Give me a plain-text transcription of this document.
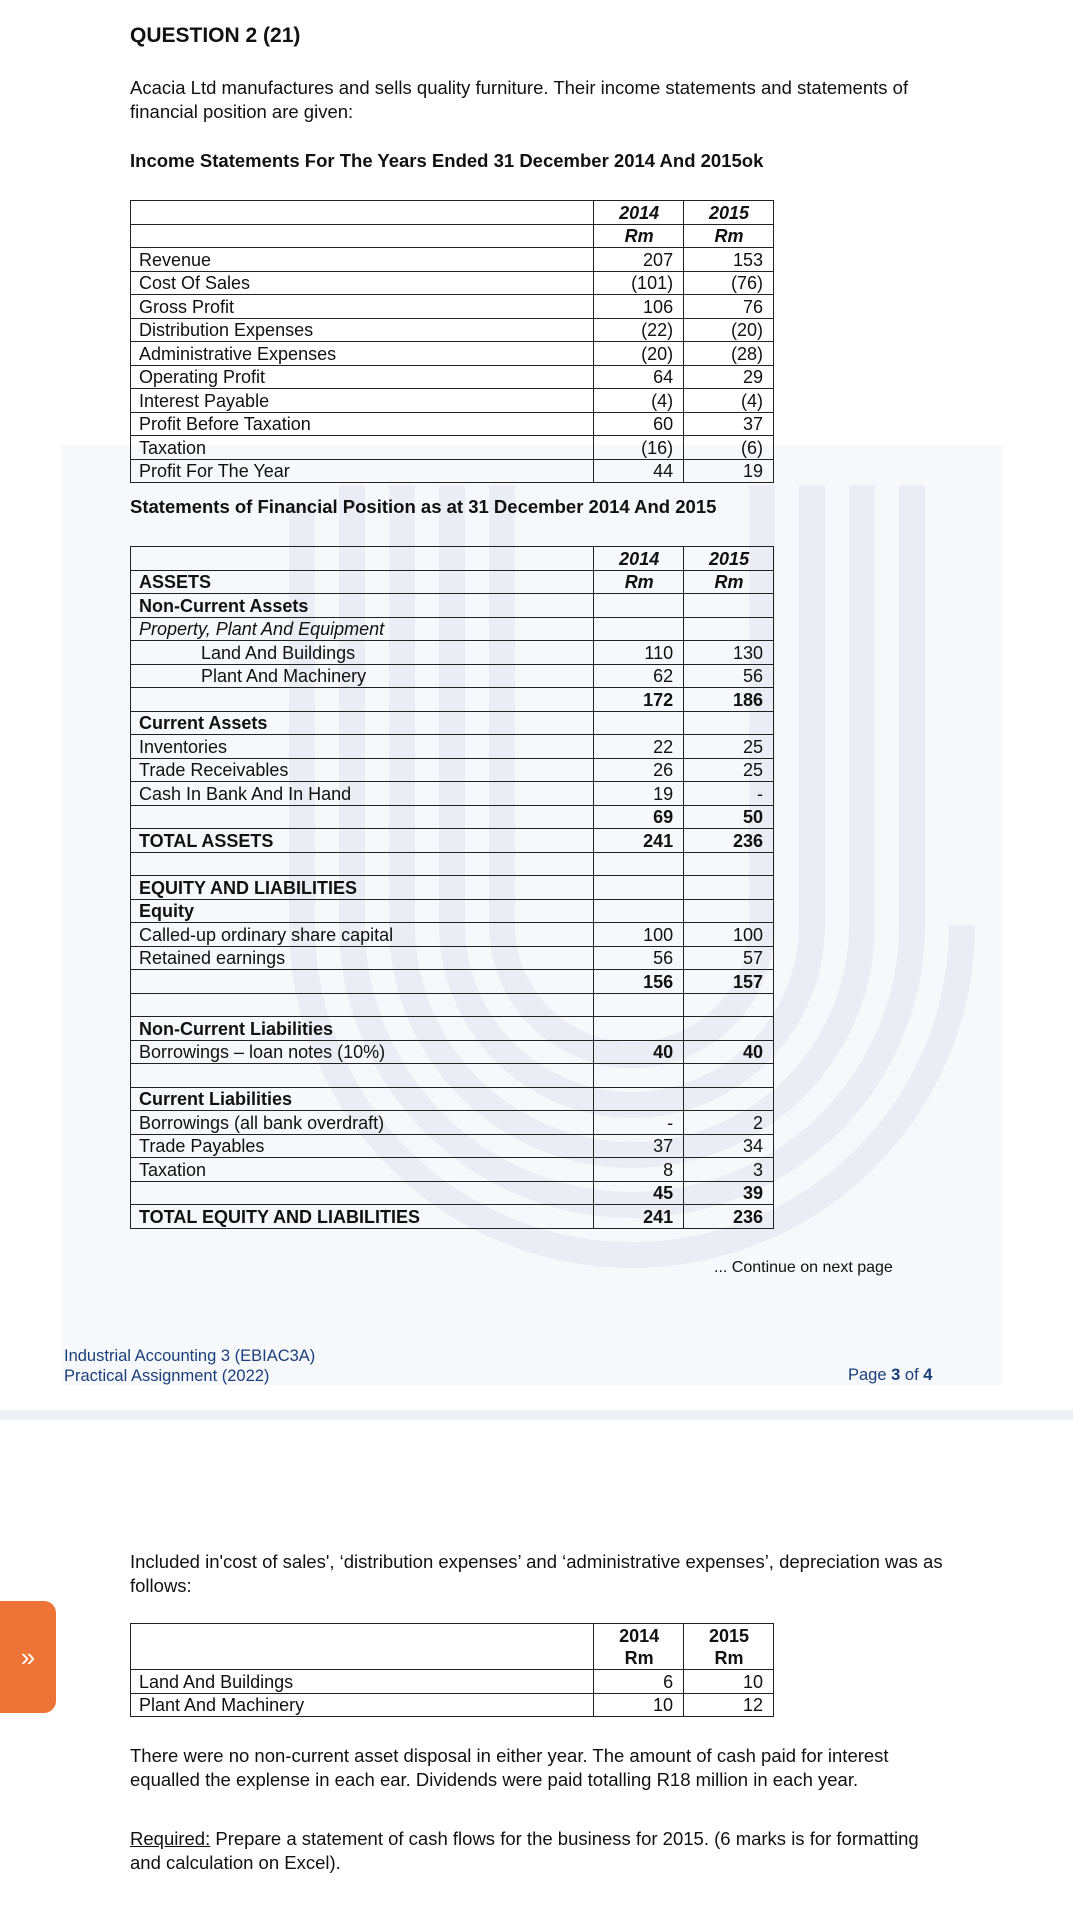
QUESTION 2 (21)
Acacia Ltd manufactures and sells quality furniture. Their income statements and statements of financial position are given:
Income Statements For The Years Ended 31 December 2014 And 2015ok
	2014	2015
	Rm	Rm
Revenue	207	153
Cost Of Sales	(101)	(76)
Gross Profit	106	76
Distribution Expenses	(22)	(20)
Administrative Expenses	(20)	(28)
Operating Profit	64	29
Interest Payable	(4)	(4)
Profit Before Taxation	60	37
Taxation	(16)	(6)
Profit For The Year	44	19
Statements of Financial Position as at 31 December 2014 And 2015
	2014	2015
ASSETS	Rm	Rm
Non-Current Assets		
Property, Plant And Equipment		
Land And Buildings	110	130
Plant And Machinery	62	56
	172	186
Current Assets		
Inventories	22	25
Trade Receivables	26	25
Cash In Bank And In Hand	19	-
	69	50
TOTAL ASSETS	241	236

EQUITY AND LIABILITIES		
Equity		
Called-up ordinary share capital	100	100
Retained earnings	56	57
	156	157

Non-Current Liabilities		
Borrowings – loan notes (10%)	40	40

Current Liabilities		
Borrowings (all bank overdraft)	-	2
Trade Payables	37	34
Taxation	8	3
	45	39
TOTAL EQUITY AND LIABILITIES	241	236
... Continue on next page
Industrial Accounting 3 (EBIAC3A)
Practical Assignment (2022)	Page 3 of 4
Included in'cost of sales', ‘distribution expenses’ and ‘administrative expenses’, depreciation was as follows:
	2014	2015
	Rm	Rm
Land And Buildings	6	10
Plant And Machinery	10	12
There were no non-current asset disposal in either year. The amount of cash paid for interest equalled the explense in each ear. Dividends were paid totalling R18 million in each year.
Required: Prepare a statement of cash flows for the business for 2015. (6 marks is for formatting and calculation on Excel).
»
